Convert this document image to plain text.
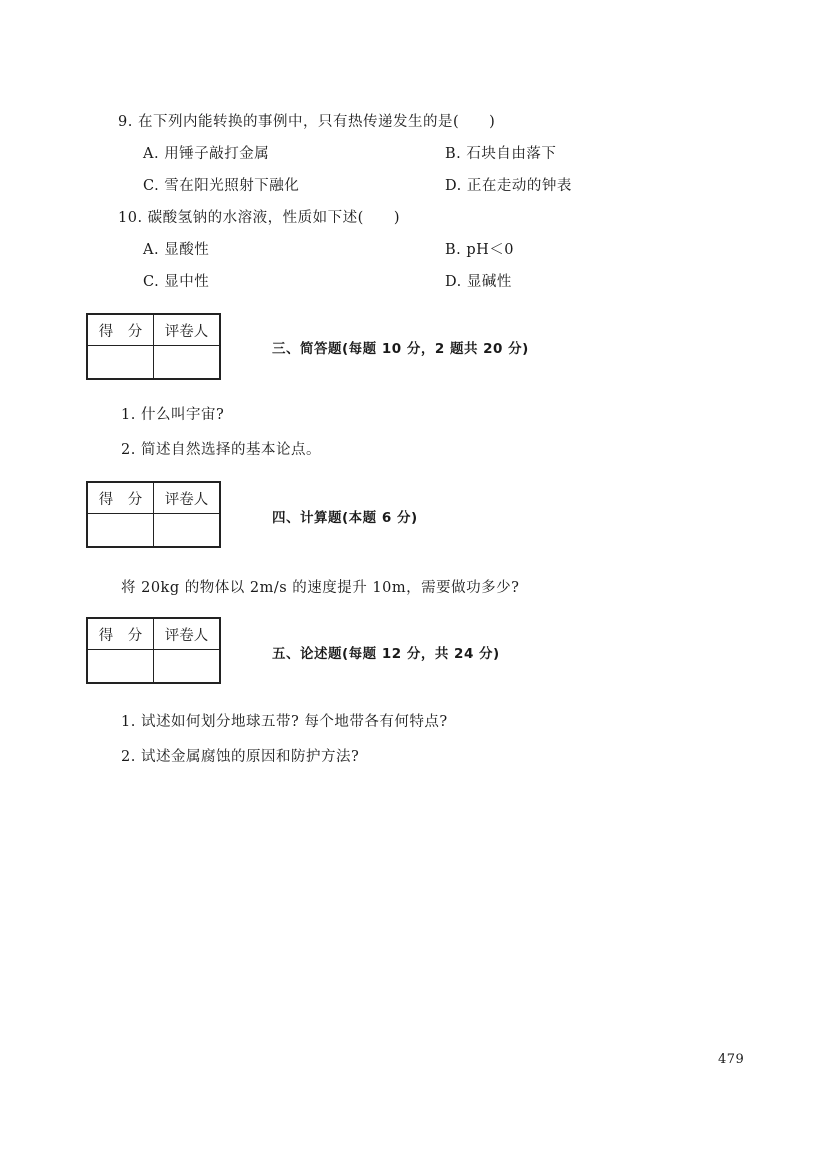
9. 在下列内能转换的事例中，只有热传递发生的是(　　)
A. 用锤子敲打金属	B. 石块自由落下
C. 雪在阳光照射下融化	D. 正在走动的钟表
10. 碳酸氢钠的水溶液，性质如下述(　　)
A. 显酸性	B. pH＜0
C. 显中性	D. 显碱性
得　分	评卷人

三、简答题(每题 10 分，2 题共 20 分)
1. 什么叫宇宙?
2. 简述自然选择的基本论点。
得　分	评卷人

四、计算题(本题 6 分)
将 20kg 的物体以 2m/s 的速度提升 10m，需要做功多少?
得　分	评卷人

五、论述题(每题 12 分，共 24 分)
1. 试述如何划分地球五带? 每个地带各有何特点?
2. 试述金属腐蚀的原因和防护方法?
479
